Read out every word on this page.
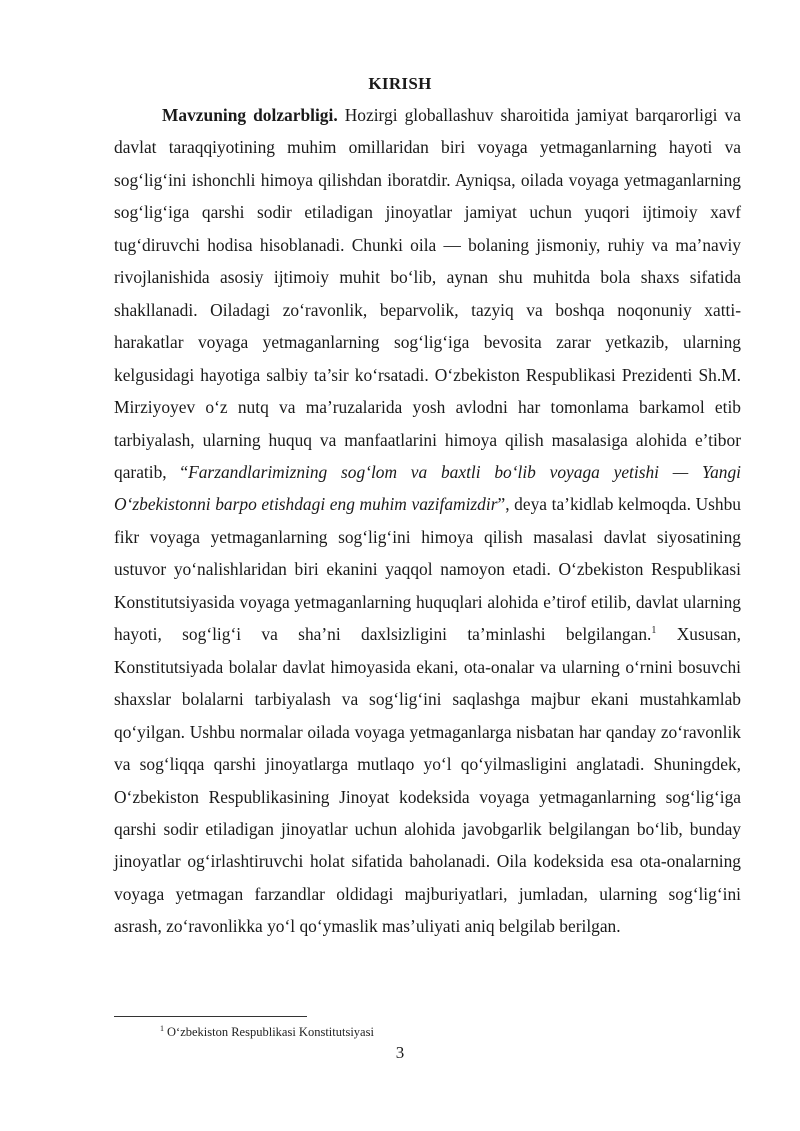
KIRISH

Mavzuning dolzarbligi. Hozirgi globallashuv sharoitida jamiyat barqarorligi va davlat taraqqiyotining muhim omillaridan biri voyaga yetmaganlarning hayoti va sog‘lig‘ini ishonchli himoya qilishdan iboratdir. Ayniqsa, oilada voyaga yetmaganlarning sog‘lig‘iga qarshi sodir etiladigan jinoyatlar jamiyat uchun yuqori ijtimoiy xavf tug‘diruvchi hodisa hisoblanadi. Chunki oila — bolaning jismoniy, ruhiy va ma’naviy rivojlanishida asosiy ijtimoiy muhit bo‘lib, aynan shu muhitda bola shaxs sifatida shakllanadi. Oiladagi zo‘ravonlik, beparvolik, tazyiq va boshqa noqonuniy xatti-harakatlar voyaga yetmaganlarning sog‘lig‘iga bevosita zarar yetkazib, ularning kelgusidagi hayotiga salbiy ta’sir ko‘rsatadi. O‘zbekiston Respublikasi Prezidenti Sh.M. Mirziyoyev o‘z nutq va ma’ruzalarida yosh avlodni har tomonlama barkamol etib tarbiyalash, ularning huquq va manfaatlarini himoya qilish masalasiga alohida e’tibor qaratib, “Farzandlarimizning sog‘lom va baxtli bo‘lib voyaga yetishi — Yangi O‘zbekistonni barpo etishdagi eng muhim vazifamizdir”, deya ta’kidlab kelmoqda. Ushbu fikr voyaga yetmaganlarning sog‘lig‘ini himoya qilish masalasi davlat siyosatining ustuvor yo‘nalishlaridan biri ekanini yaqqol namoyon etadi. O‘zbekiston Respublikasi Konstitutsiyasida voyaga yetmaganlarning huquqlari alohida e’tirof etilib, davlat ularning hayoti, sog‘lig‘i va sha’ni daxlsizligini ta’minlashi belgilangan.$^1$ Xususan, Konstitutsiyada bolalar davlat himoyasida ekani, ota-onalar va ularning o‘rnini bosuvchi shaxslar bolalarni tarbiyalash va sog‘lig‘ini saqlashga majbur ekani mustahkamlab qo‘yilgan. Ushbu normalar oilada voyaga yetmaganlarga nisbatan har qanday zo‘ravonlik va sog‘liqqa qarshi jinoyatlarga mutlaqo yo‘l qo‘yilmasligini anglatadi. Shuningdek, O‘zbekiston Respublikasining Jinoyat kodeksida voyaga yetmaganlarning sog‘lig‘iga qarshi sodir etiladigan jinoyatlar uchun alohida javobgarlik belgilangan bo‘lib, bunday jinoyatlar og‘irlashtiruvchi holat sifatida baholanadi. Oila kodeksida esa ota-onalarning voyaga yetmagan farzandlar oldidagi majburiyatlari, jumladan, ularning sog‘lig‘ini asrash, zo‘ravonlikka yo‘l qo‘ymaslik mas’uliyati aniq belgilab berilgan.

$^1$ O‘zbekiston Respublikasi Konstitutsiyasi
3
